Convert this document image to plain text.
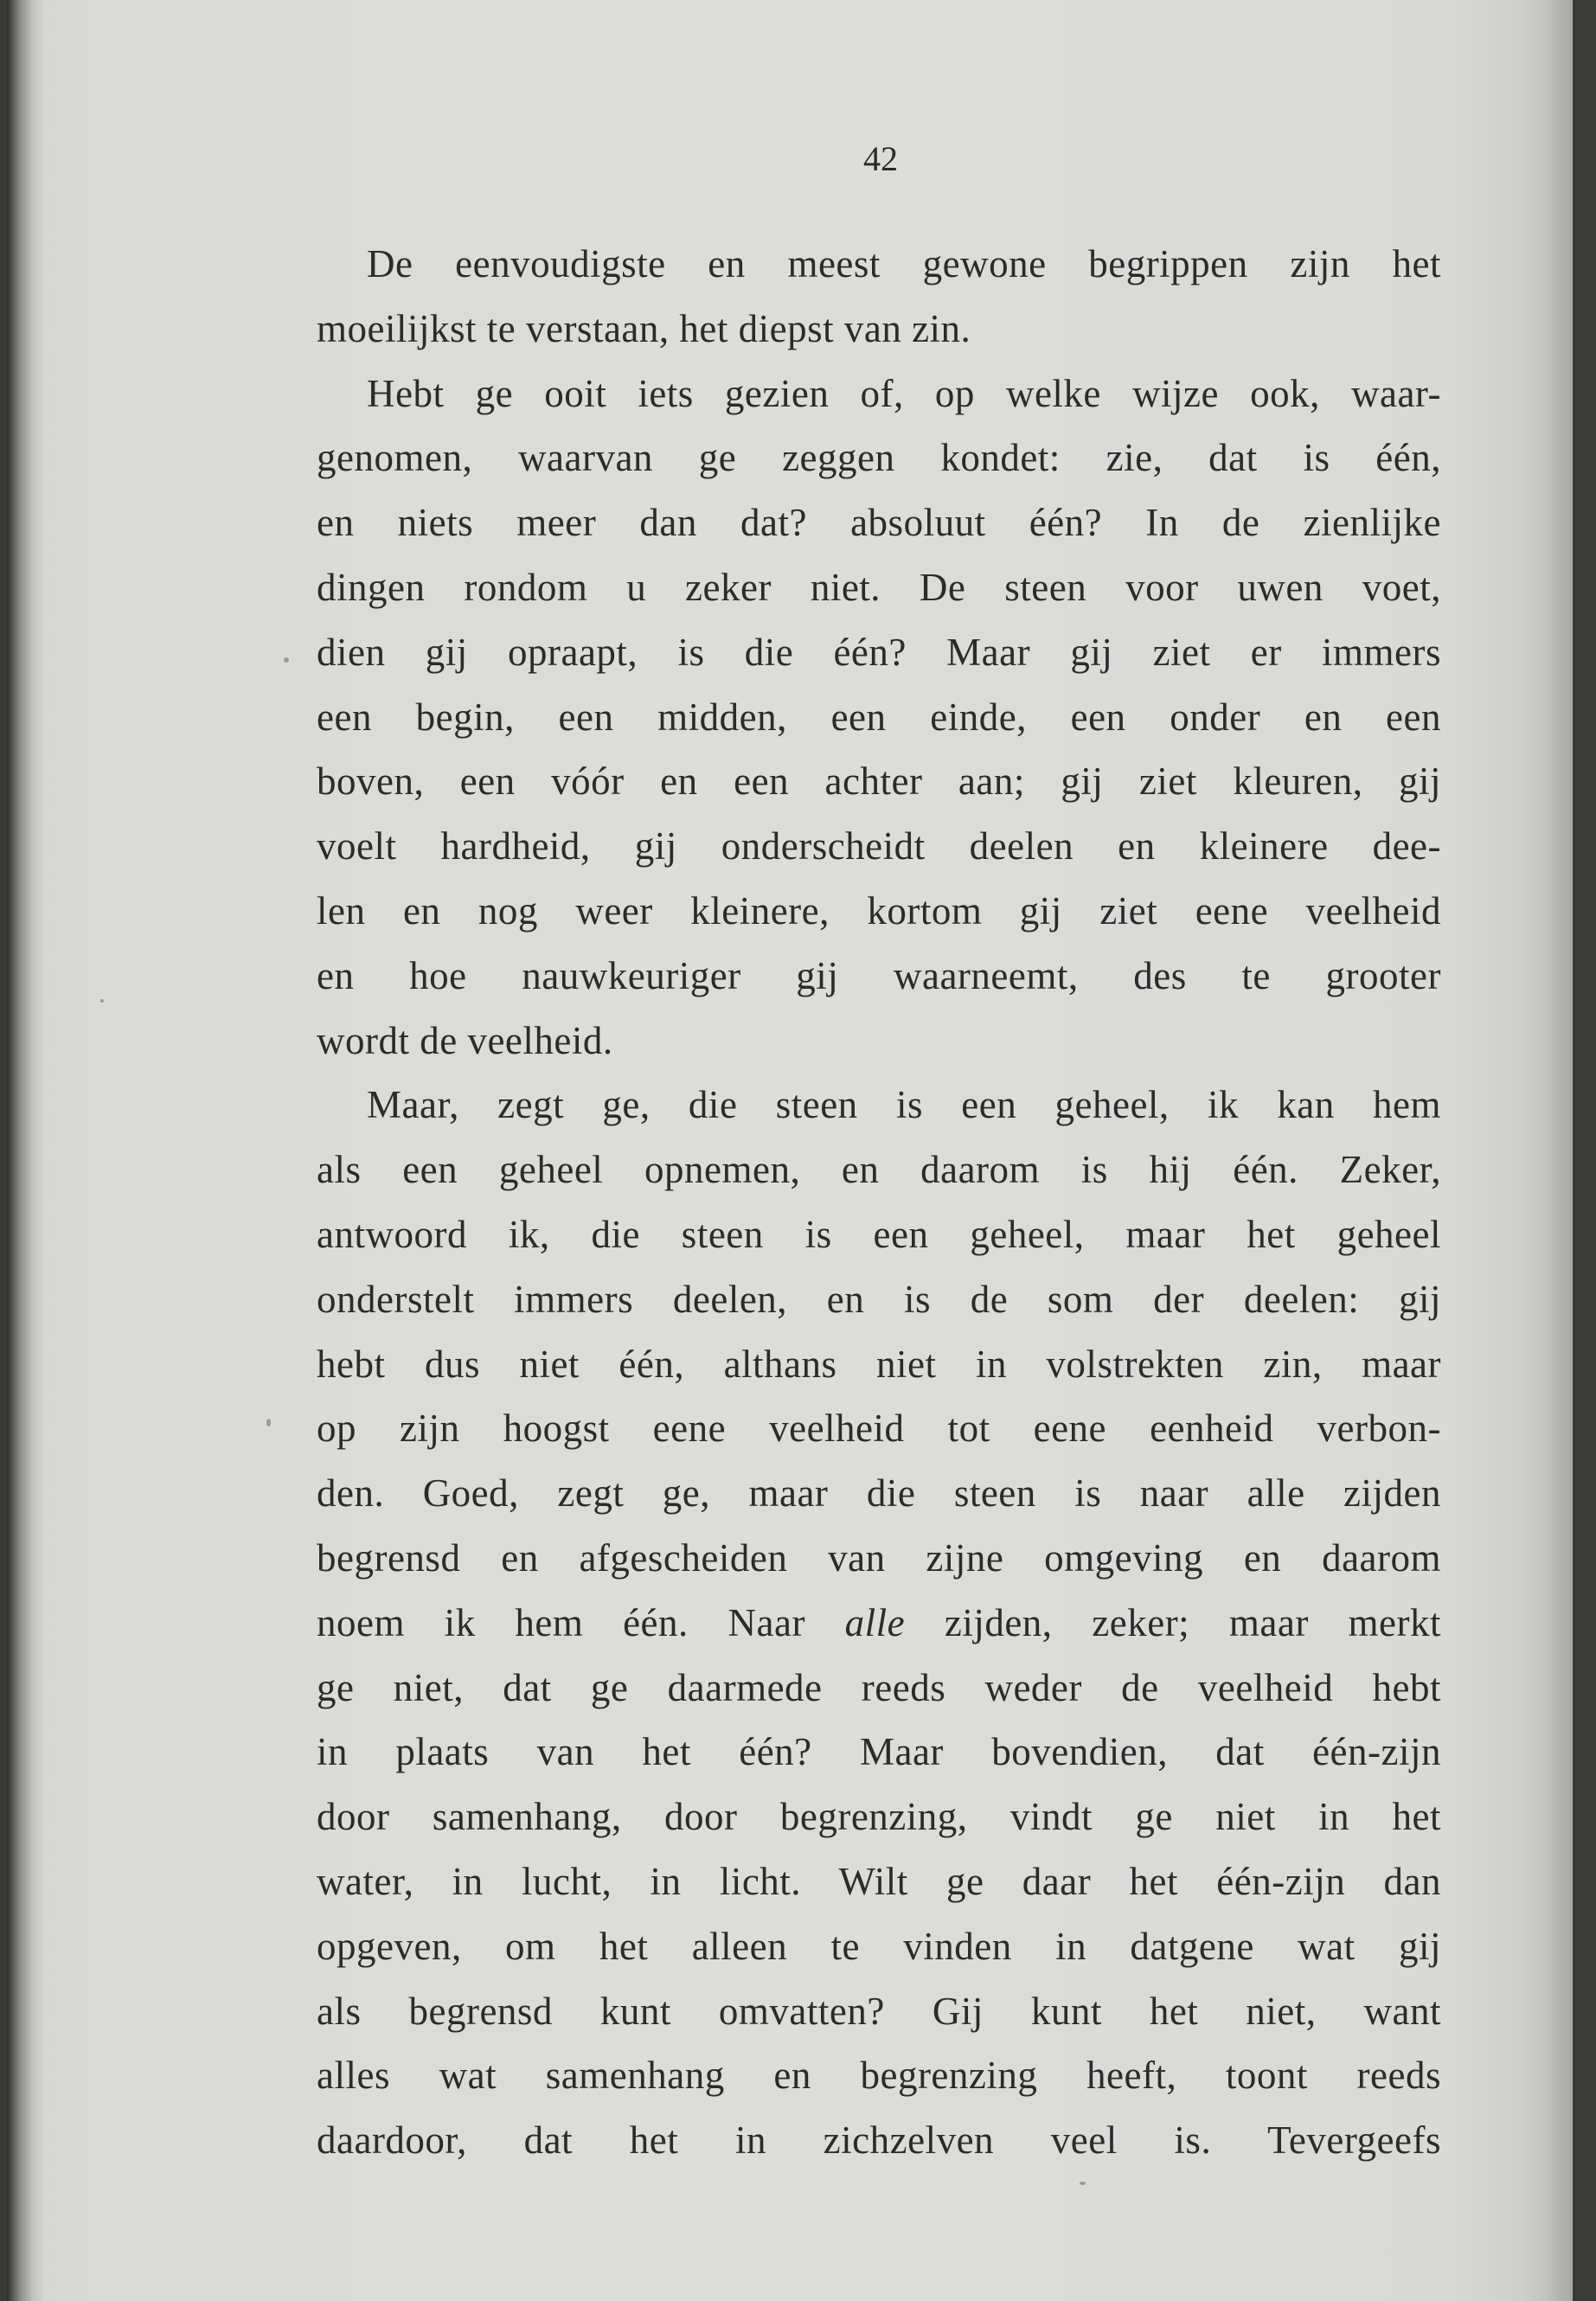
42
De eenvoudigste en meest gewone begrippen zijn het
moeilijkst te verstaan, het diepst van zin.
Hebt ge ooit iets gezien of, op welke wijze ook, waar-
genomen, waarvan ge zeggen kondet: zie, dat is één,
en niets meer dan dat? absoluut één? In de zienlijke
dingen rondom u zeker niet. De steen voor uwen voet,
dien gij opraapt, is die één? Maar gij ziet er immers
een begin, een midden, een einde, een onder en een
boven, een vóór en een achter aan; gij ziet kleuren, gij
voelt hardheid, gij onderscheidt deelen en kleinere dee-
len en nog weer kleinere, kortom gij ziet eene veelheid
en hoe nauwkeuriger gij waarneemt, des te grooter
wordt de veelheid.
Maar, zegt ge, die steen is een geheel, ik kan hem
als een geheel opnemen, en daarom is hij één. Zeker,
antwoord ik, die steen is een geheel, maar het geheel
onderstelt immers deelen, en is de som der deelen: gij
hebt dus niet één, althans niet in volstrekten zin, maar
op zijn hoogst eene veelheid tot eene eenheid verbon-
den. Goed, zegt ge, maar die steen is naar alle zijden
begrensd en afgescheiden van zijne omgeving en daarom
noem ik hem één. Naar alle zijden, zeker; maar merkt
ge niet, dat ge daarmede reeds weder de veelheid hebt
in plaats van het één? Maar bovendien, dat één-zijn
door samenhang, door begrenzing, vindt ge niet in het
water, in lucht, in licht. Wilt ge daar het één-zijn dan
opgeven, om het alleen te vinden in datgene wat gij
als begrensd kunt omvatten? Gij kunt het niet, want
alles wat samenhang en begrenzing heeft, toont reeds
daardoor, dat het in zichzelven veel is. Tevergeefs
